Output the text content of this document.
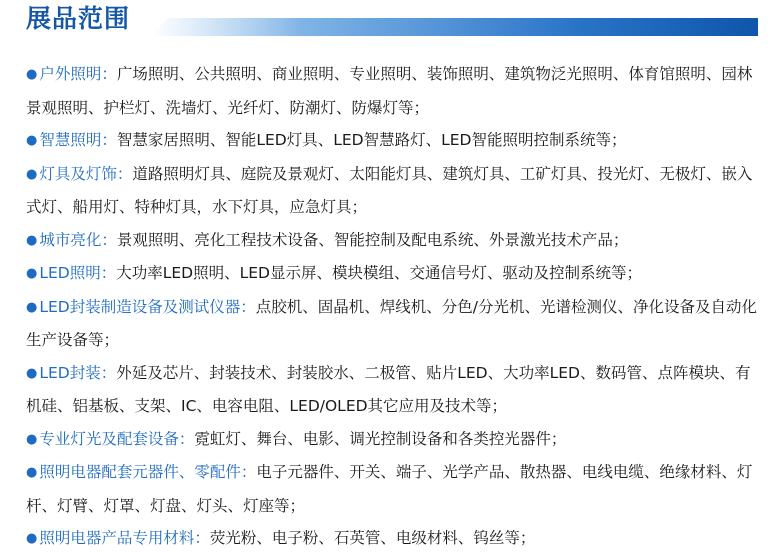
展品范围
● 户外照明：广场照明、公共照明、商业照明、专业照明、装饰照明、建筑物泛光照明、体育馆照明、园林景观照明、护栏灯、洗墙灯、光纤灯、防潮灯、防爆灯等；
● 智慧照明：智慧家居照明、智能LED灯具、LED智慧路灯、LED智能照明控制系统等；
● 灯具及灯饰：道路照明灯具、庭院及景观灯、太阳能灯具、建筑灯具、工矿灯具、投光灯、无极灯、嵌入式灯、船用灯、特种灯具，水下灯具，应急灯具；
● 城市亮化：景观照明、亮化工程技术设备、智能控制及配电系统、外景激光技术产品；
● LED照明：大功率LED照明、LED显示屏、模块模组、交通信号灯、驱动及控制系统等；
● LED封装制造设备及测试仪器：点胶机、固晶机、焊线机、分色/分光机、光谱检测仪、净化设备及自动化生产设备等；
● LED封装：外延及芯片、封装技术、封装胶水、二极管、贴片LED、大功率LED、数码管、点阵模块、有机硅、铝基板、支架、IC、电容电阻、LED/OLED其它应用及技术等；
● 专业灯光及配套设备：霓虹灯、舞台、电影、调光控制设备和各类控光器件；
● 照明电器配套元器件、零配件：电子元器件、开关、端子、光学产品、散热器、电线电缆、绝缘材料、灯杆、灯臂、灯罩、灯盘、灯头、灯座等；
● 照明电器产品专用材料：荧光粉、电子粉、石英管、电级材料、钨丝等；
